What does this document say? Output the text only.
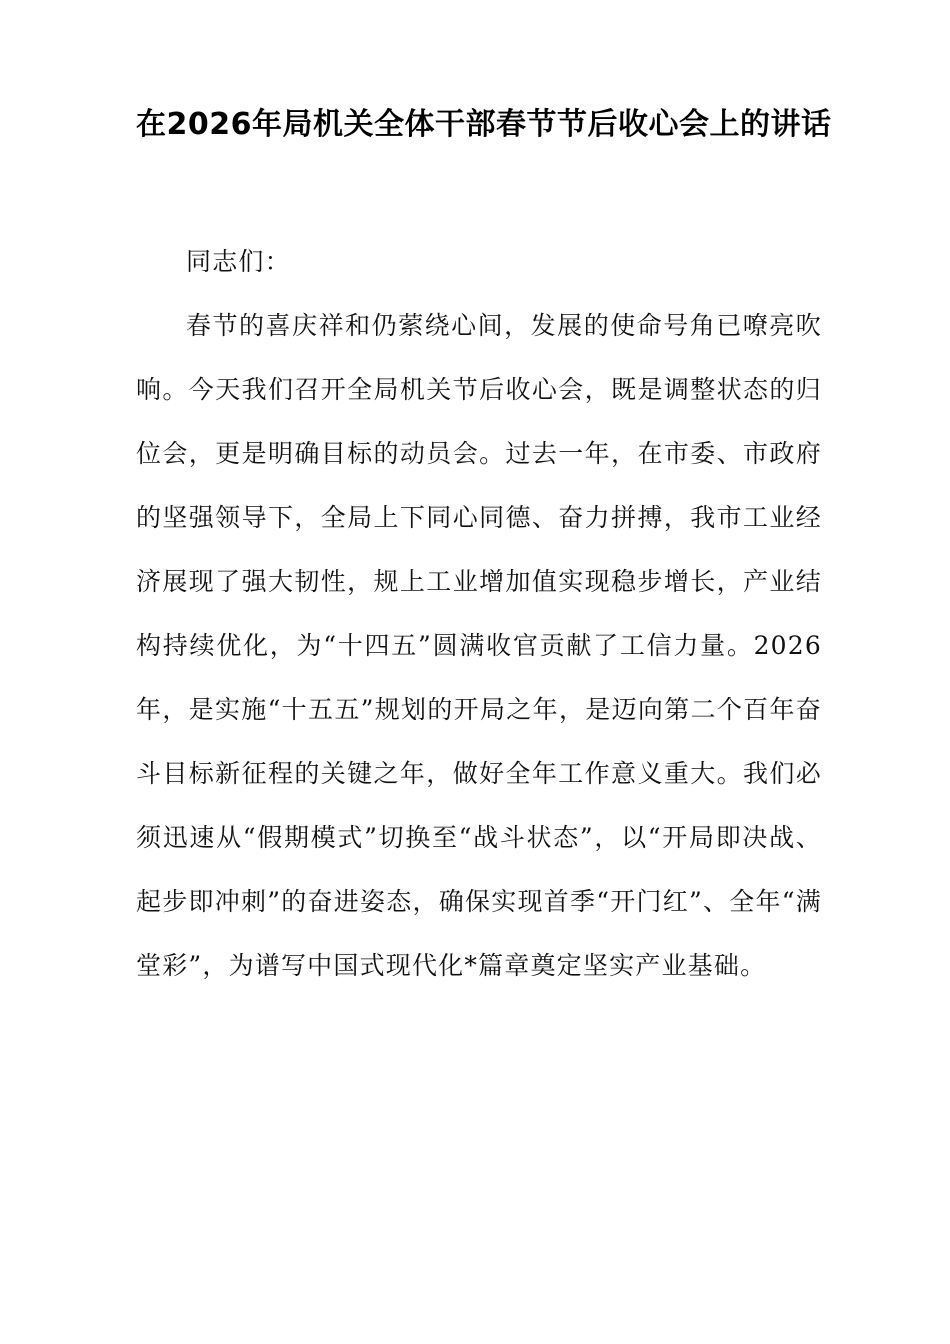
在2026年局机关全体干部春节节后收心会上的讲话

同志们：

春节的喜庆祥和仍萦绕心间，发展的使命号角已嘹亮吹响。今天我们召开全局机关节后收心会，既是调整状态的归位会，更是明确目标的动员会。过去一年，在市委、市政府的坚强领导下，全局上下同心同德、奋力拼搏，我市工业经济展现了强大韧性，规上工业增加值实现稳步增长，产业结构持续优化，为“十四五”圆满收官贡献了工信力量。2026年，是实施“十五五”规划的开局之年，是迈向第二个百年奋斗目标新征程的关键之年，做好全年工作意义重大。我们必须迅速从“假期模式”切换至“战斗状态”，以“开局即决战、起步即冲刺”的奋进姿态，确保实现首季“开门红”、全年“满堂彩”，为谱写中国式现代化*篇章奠定坚实产业基础。
